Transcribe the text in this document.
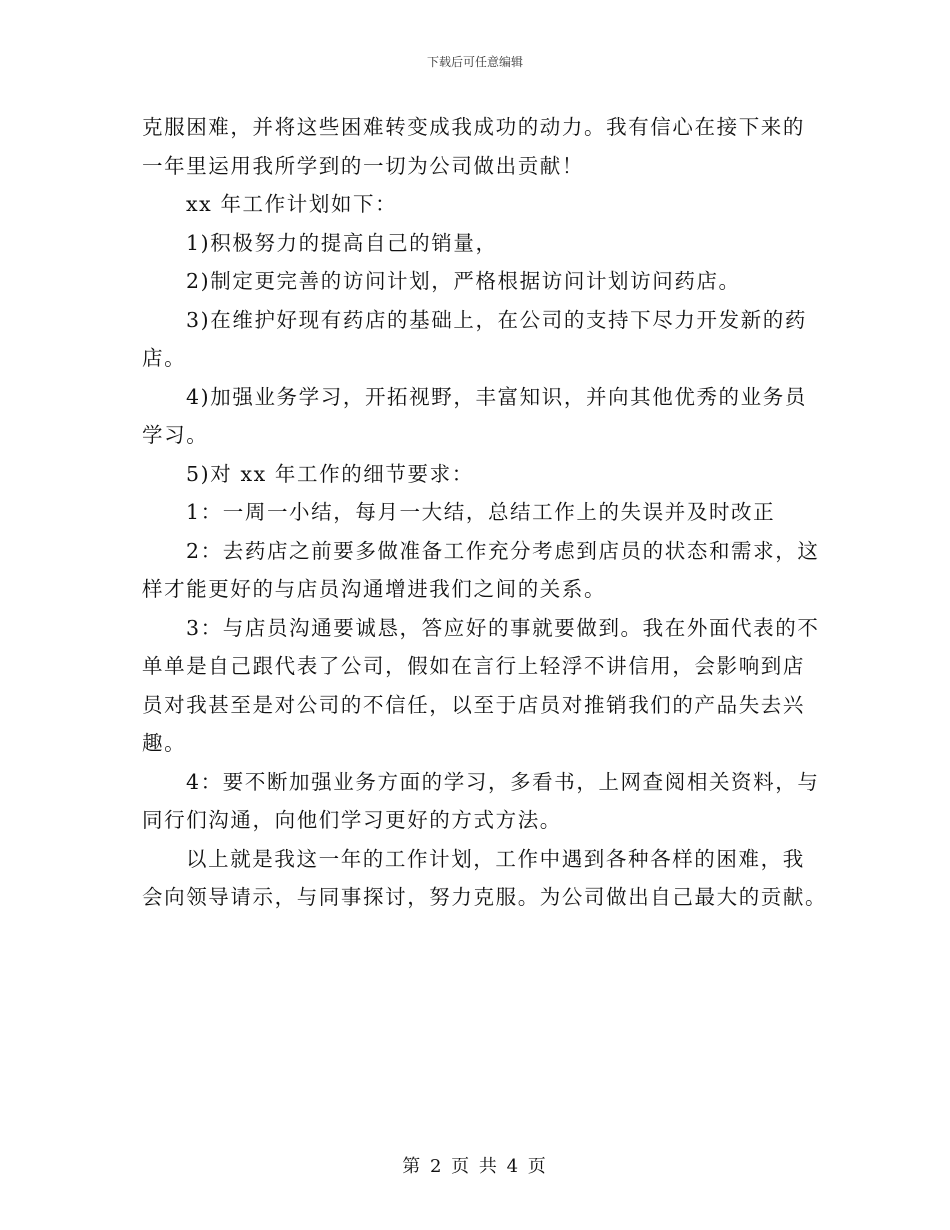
下载后可任意编辑
克服困难，并将这些困难转变成我成功的动力。我有信心在接下来的
一年里运用我所学到的一切为公司做出贡献！
xx 年工作计划如下：
1)积极努力的提高自己的销量，
2)制定更完善的访问计划，严格根据访问计划访问药店。
3)在维护好现有药店的基础上，在公司的支持下尽力开发新的药
店。
4)加强业务学习，开拓视野，丰富知识，并向其他优秀的业务员
学习。
5)对 xx 年工作的细节要求：
1：一周一小结，每月一大结，总结工作上的失误并及时改正
2：去药店之前要多做准备工作充分考虑到店员的状态和需求，这
样才能更好的与店员沟通增进我们之间的关系。
3：与店员沟通要诚恳，答应好的事就要做到。我在外面代表的不
单单是自己跟代表了公司，假如在言行上轻浮不讲信用，会影响到店
员对我甚至是对公司的不信任，以至于店员对推销我们的产品失去兴
趣。
4：要不断加强业务方面的学习，多看书，上网查阅相关资料，与
同行们沟通，向他们学习更好的方式方法。
以上就是我这一年的工作计划，工作中遇到各种各样的困难，我
会向领导请示，与同事探讨，努力克服。为公司做出自己最大的贡献。
第 2 页 共 4 页
